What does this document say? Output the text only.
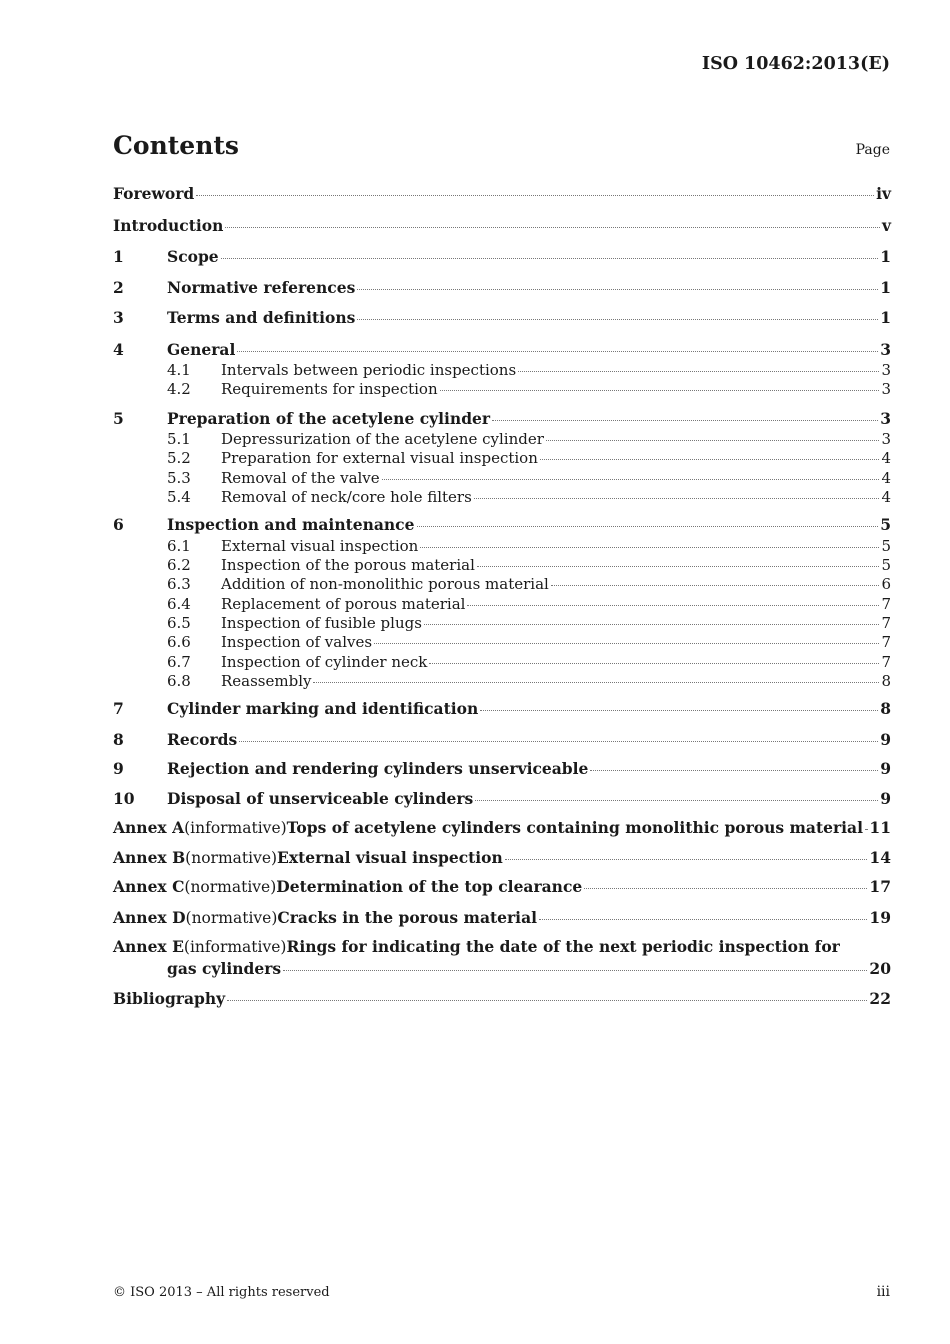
ISO 10462:2013(E)
Contents	Page
Foreword	iv
Introduction	v
1	Scope	1
2	Normative references	1
3	Terms and definitions	1
4	General	3
4.1	Intervals between periodic inspections	3
4.2	Requirements for inspection	3
5	Preparation of the acetylene cylinder	3
5.1	Depressurization of the acetylene cylinder	3
5.2	Preparation for external visual inspection	4
5.3	Removal of the valve	4
5.4	Removal of neck/core hole filters	4
6	Inspection and maintenance	5
6.1	External visual inspection	5
6.2	Inspection of the porous material	5
6.3	Addition of non-monolithic porous material	6
6.4	Replacement of porous material	7
6.5	Inspection of fusible plugs	7
6.6	Inspection of valves	7
6.7	Inspection of cylinder neck	7
6.8	Reassembly	8
7	Cylinder marking and identification	8
8	Records	9
9	Rejection and rendering cylinders unserviceable	9
10	Disposal of unserviceable cylinders	9
Annex A (informative) Tops of acetylene cylinders containing monolithic porous material 11
Annex B (normative) External visual inspection	14
Annex C (normative) Determination of the top clearance	17
Annex D (normative) Cracks in the porous material	19
Annex E (informative) Rings for indicating the date of the next periodic inspection for
gas cylinders	20
Bibliography	22
© ISO 2013 – All rights reserved	iii
